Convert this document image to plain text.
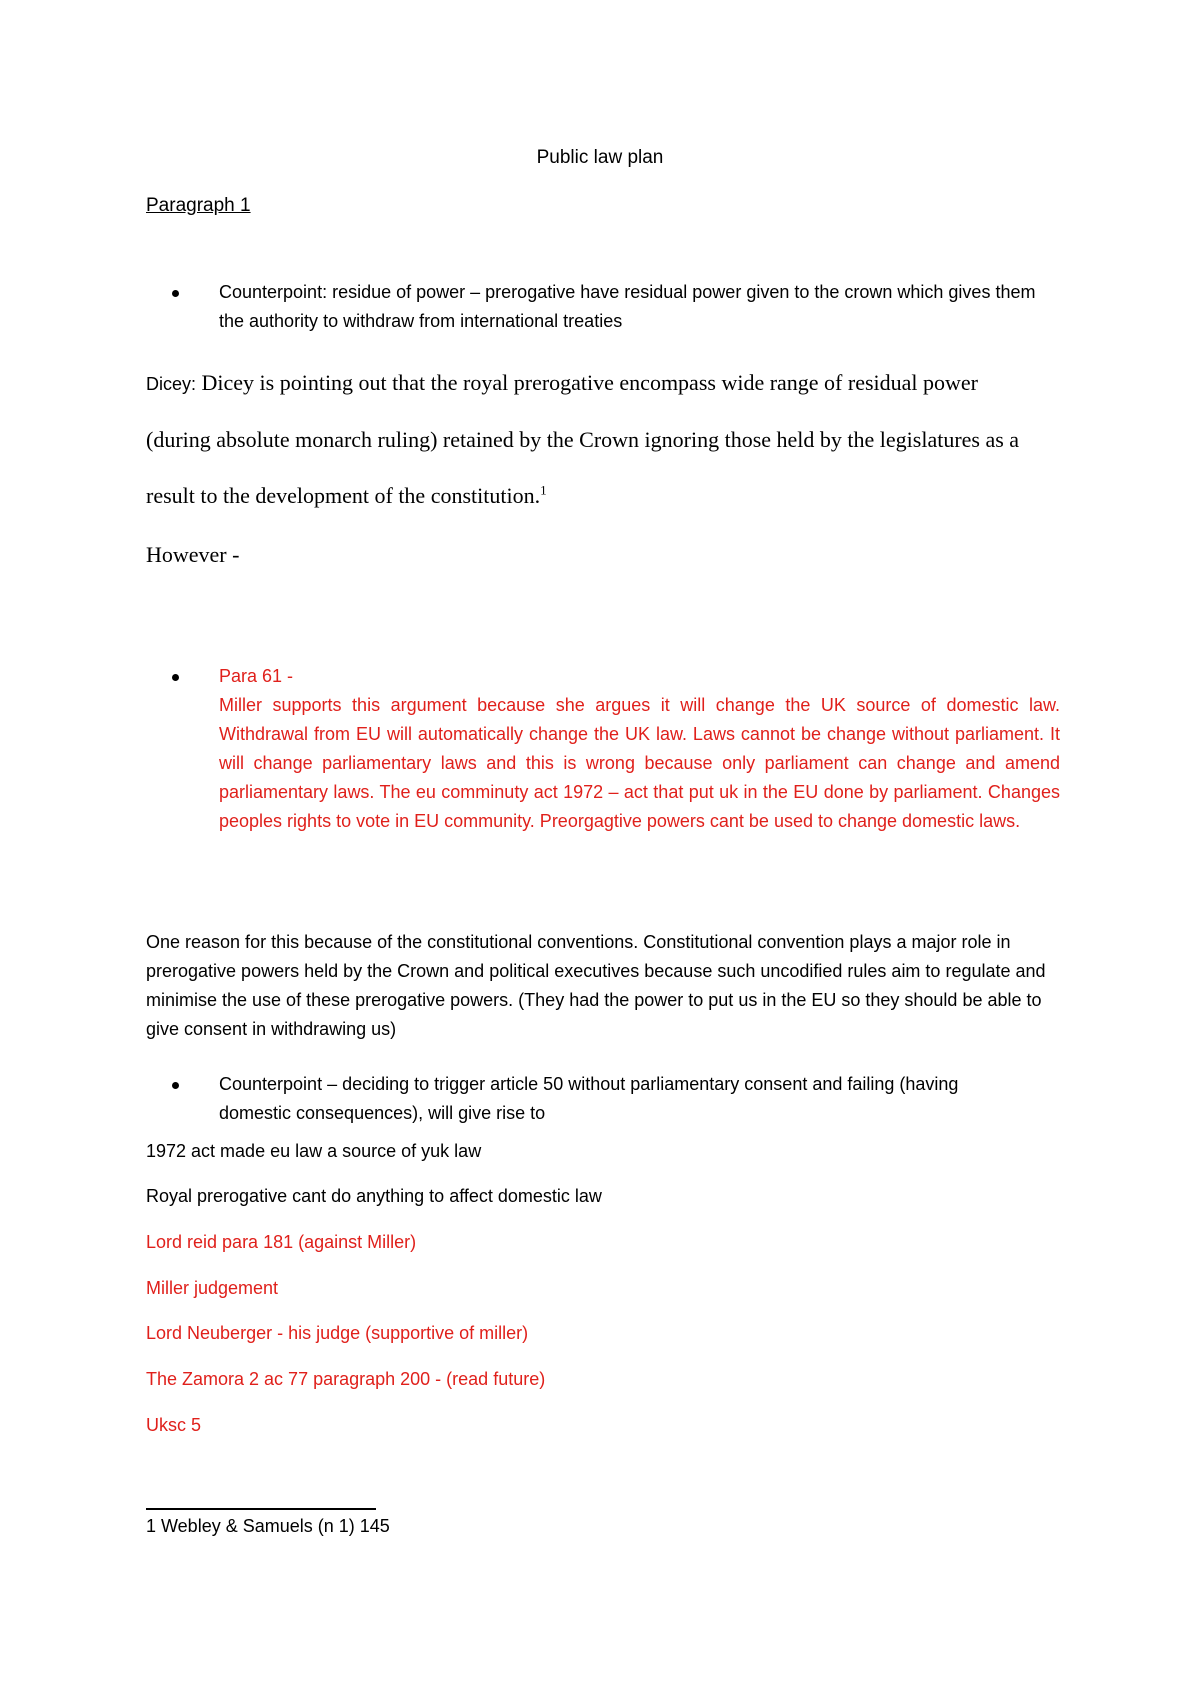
Public law plan
Paragraph 1
Counterpoint: residue of power – prerogative have residual power given to the crown which gives them the authority to withdraw from international treaties
Dicey: Dicey is pointing out that the royal prerogative encompass wide range of residual power (during absolute monarch ruling) retained by the Crown ignoring those held by the legislatures as a result to the development of the constitution.$^1$
However -
Para 61 -
Miller supports this argument because she argues it will change the UK source of domestic law. Withdrawal from EU will automatically change the UK law. Laws cannot be change without parliament. It will change parliamentary laws and this is wrong because only parliament can change and amend parliamentary laws. The eu comminuty act 1972 – act that put uk in the EU done by parliament. Changes peoples rights to vote in EU community. Preorgagtive powers cant be used to change domestic laws.
One reason for this because of the constitutional conventions. Constitutional convention plays a major role in prerogative powers held by the Crown and political executives because such uncodified rules aim to regulate and minimise the use of these prerogative powers. (They had the power to put us in the EU so they should be able to give consent in withdrawing us)
Counterpoint – deciding to trigger article 50 without parliamentary consent and failing (having domestic consequences), will give rise to
1972 act made eu law a source of yuk law
Royal prerogative cant do anything to affect domestic law
Lord reid para 181 (against Miller)
Miller judgement
Lord Neuberger - his judge (supportive of miller)
The Zamora 2 ac 77 paragraph 200 - (read future)
Uksc 5
1 Webley & Samuels (n 1) 145
